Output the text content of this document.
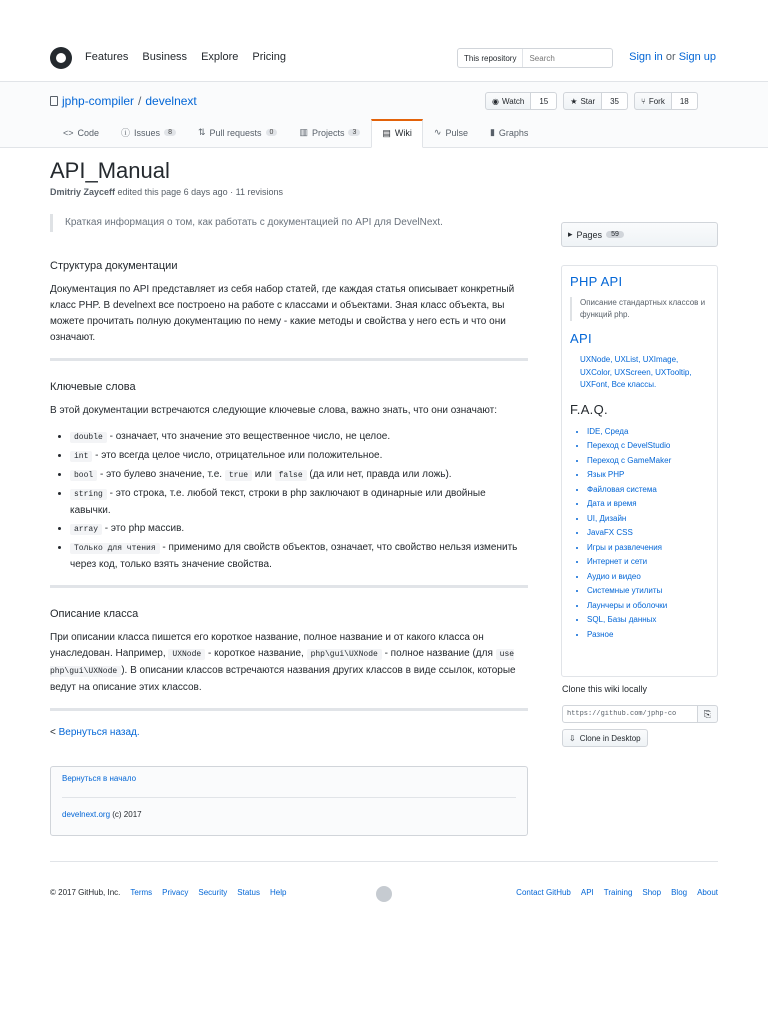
Features Business Explore Pricing	This repository
Search	Sign in or Sign up
jphp-compiler / develnext	◉ Watch	15	★ Star	35	⑂ Fork	18
<> Code ⓘ Issues	8	⇅ Pull requests	0	▥ Projects	3	▤ Wiki ∿ Pulse ▮ Graphs
API_Manual
Dmitriy Zayceff edited this page 6 days ago · 11 revisions
Краткая информация о том, как работать с документацией по API для DevelNext.
Структура документации
Документация по API представляет из себя набор статей, где каждая статья описывает конкретный класс PHP. В develnext все построено на работе с классами и объектами. Зная класс объекта, вы можете прочитать полную документацию по нему - какие методы и свойства у него есть и что они означают.
Ключевые слова
В этой документации встречаются следующие ключевые слова, важно знать, что они означают:
• double - означает, что значение это вещественное число, не целое.
• int - это всегда целое число, отрицательное или положительное.
• bool - это булево значение, т.е. true или false (да или нет, правда или ложь).
• string - это строка, т.е. любой текст, строки в php заключают в одинарные или двойные кавычки.
• array - это php массив.
• Только для чтения - применимо для свойств объектов, означает, что свойство нельзя изменить через код, только взять значение свойства.
Описание класса
При описании класса пишется его короткое название, полное название и от какого класса он унаследован. Например, UXNode - короткое название, php\gui\UXNode - полное название (для use php\gui\UXNode ). В описании классов встречаются названия других классов в виде ссылок, которые ведут на описание этих классов.
< Вернуться назад.
Вернуться в начало
develnext.org (c) 2017
▸ Pages	59
PHP API
Описание стандартных классов и функций php.
API
UXNode, UXList, UXImage, UXColor, UXScreen, UXTooltip, UXFont, Все классы.
F.A.Q.
• IDE, Среда
• Переход с DevelStudio
• Переход с GameMaker
• Язык PHP
• Файловая система
• Дата и время
• UI, Дизайн
• JavaFX CSS
• Игры и развлечения
• Интернет и сети
• Аудио и видео
• Системные утилиты
• Лаунчеры и оболочки
• SQL, Базы данных
• Разное
Clone this wiki locally
https://github.com/jphp-co
⎘
⇩ Clone in Desktop
© 2017 GitHub, Inc. Terms Privacy Security Status Help	Contact GitHub API Training Shop Blog About
